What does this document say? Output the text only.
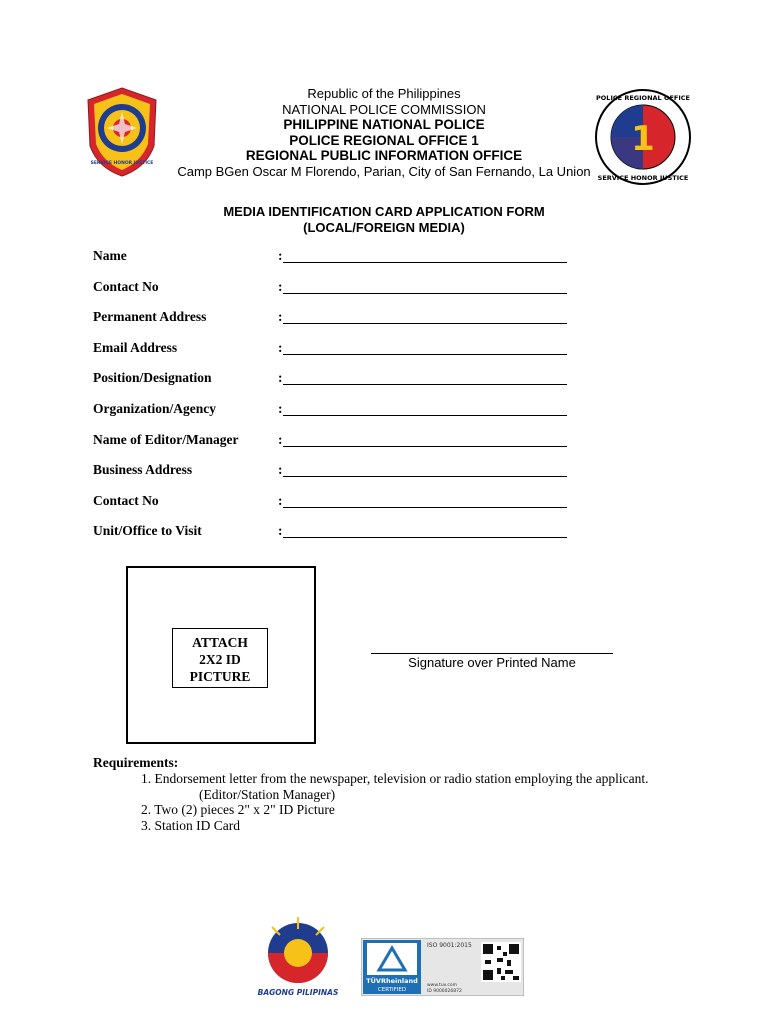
SERVICE HONOR JUSTICE
1
POLICE REGIONAL OFFICE
SERVICE HONOR JUSTICE
Republic of the Philippines
NATIONAL POLICE COMMISSION
PHILIPPINE NATIONAL POLICE
POLICE REGIONAL OFFICE 1
REGIONAL PUBLIC INFORMATION OFFICE
Camp BGen Oscar M Florendo, Parian, City of San Fernando, La Union
MEDIA IDENTIFICATION CARD APPLICATION FORM
(LOCAL/FOREIGN MEDIA)
Name	:
Contact No	:
Permanent Address	:
Email Address	:
Position/Designation	:
Organization/Agency	:
Name of Editor/Manager	:
Business Address	:
Contact No	:
Unit/Office to Visit	:
ATTACH
2X2 ID
PICTURE
Signature over Printed Name
Requirements:
1. Endorsement letter from the newspaper, television or radio station employing the applicant.
(Editor/Station Manager)
2. Two (2) pieces 2" x 2" ID Picture
3. Station ID Card
BAGONG PILIPINAS
TÜVRheinland
CERTIFIED
ISO 9001:2015
www.tuv.com
ID 9000026872
